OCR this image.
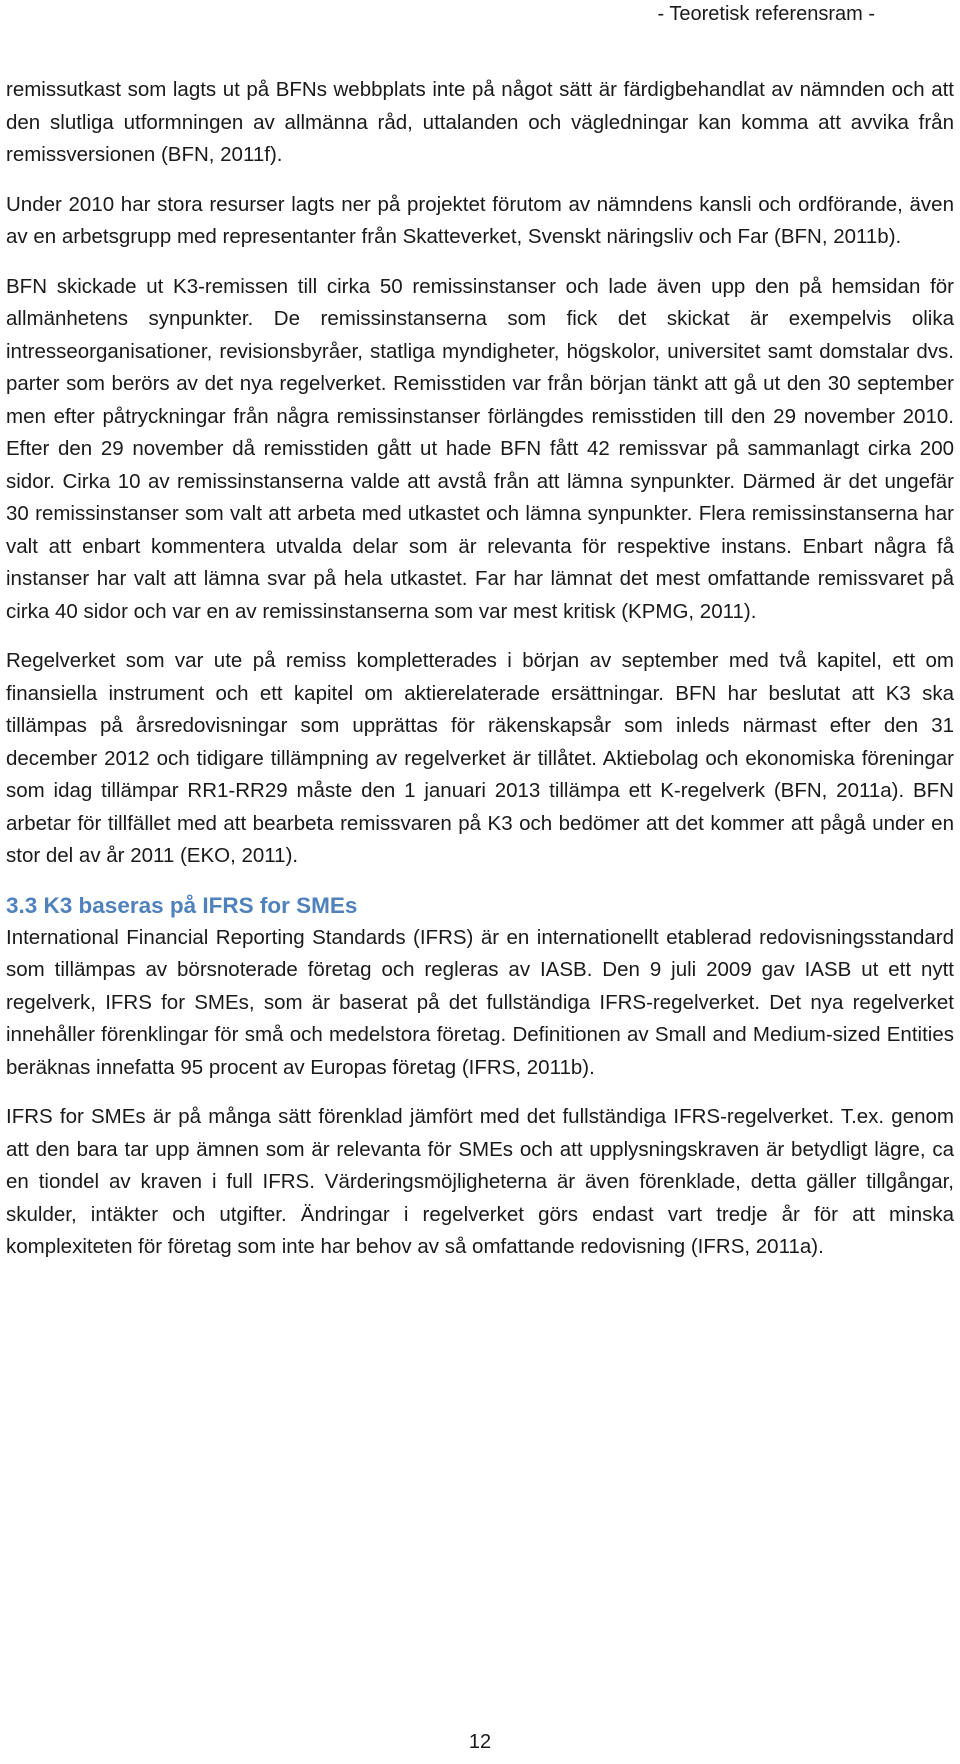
- Teoretisk referensram -

remissutkast som lagts ut på BFNs webbplats inte på något sätt är färdigbehandlat av nämnden och att den slutliga utformningen av allmänna råd, uttalanden och vägledningar kan komma att avvika från remissversionen (BFN, 2011f).

Under 2010 har stora resurser lagts ner på projektet förutom av nämndens kansli och ordförande, även av en arbetsgrupp med representanter från Skatteverket, Svenskt näringsliv och Far (BFN, 2011b).

BFN skickade ut K3-remissen till cirka 50 remissinstanser och lade även upp den på hemsidan för allmänhetens synpunkter. De remissinstanserna som fick det skickat är exempelvis olika intresseorganisationer, revisionsbyråer, statliga myndigheter, högskolor, universitet samt domstalar dvs. parter som berörs av det nya regelverket. Remisstiden var från början tänkt att gå ut den 30 september men efter påtryckningar från några remissinstanser förlängdes remisstiden till den 29 november 2010. Efter den 29 november då remisstiden gått ut hade BFN fått 42 remissvar på sammanlagt cirka 200 sidor. Cirka 10 av remissinstanserna valde att avstå från att lämna synpunkter. Därmed är det ungefär 30 remissinstanser som valt att arbeta med utkastet och lämna synpunkter. Flera remissinstanserna har valt att enbart kommentera utvalda delar som är relevanta för respektive instans. Enbart några få instanser har valt att lämna svar på hela utkastet. Far har lämnat det mest omfattande remissvaret på cirka 40 sidor och var en av remissinstanserna som var mest kritisk (KPMG, 2011).

Regelverket som var ute på remiss kompletterades i början av september med två kapitel, ett om finansiella instrument och ett kapitel om aktierelaterade ersättningar. BFN har beslutat att K3 ska tillämpas på årsredovisningar som upprättas för räkenskapsår som inleds närmast efter den 31 december 2012 och tidigare tillämpning av regelverket är tillåtet. Aktiebolag och ekonomiska föreningar som idag tillämpar RR1-RR29 måste den 1 januari 2013 tillämpa ett K-regelverk (BFN, 2011a). BFN arbetar för tillfället med att bearbeta remissvaren på K3 och bedömer att det kommer att pågå under en stor del av år 2011 (EKO, 2011).

3.3 K3 baseras på IFRS for SMEs

International Financial Reporting Standards (IFRS) är en internationellt etablerad redovisningsstandard som tillämpas av börsnoterade företag och regleras av IASB. Den 9 juli 2009 gav IASB ut ett nytt regelverk, IFRS for SMEs, som är baserat på det fullständiga IFRS-regelverket. Det nya regelverket innehåller förenklingar för små och medelstora företag. Definitionen av Small and Medium-sized Entities beräknas innefatta 95 procent av Europas företag (IFRS, 2011b).

IFRS for SMEs är på många sätt förenklad jämfört med det fullständiga IFRS-regelverket. T.ex. genom att den bara tar upp ämnen som är relevanta för SMEs och att upplysningskraven är betydligt lägre, ca en tiondel av kraven i full IFRS. Värderingsmöjligheterna är även förenklade, detta gäller tillgångar, skulder, intäkter och utgifter. Ändringar i regelverket görs endast vart tredje år för att minska komplexiteten för företag som inte har behov av så omfattande redovisning (IFRS, 2011a).

12
